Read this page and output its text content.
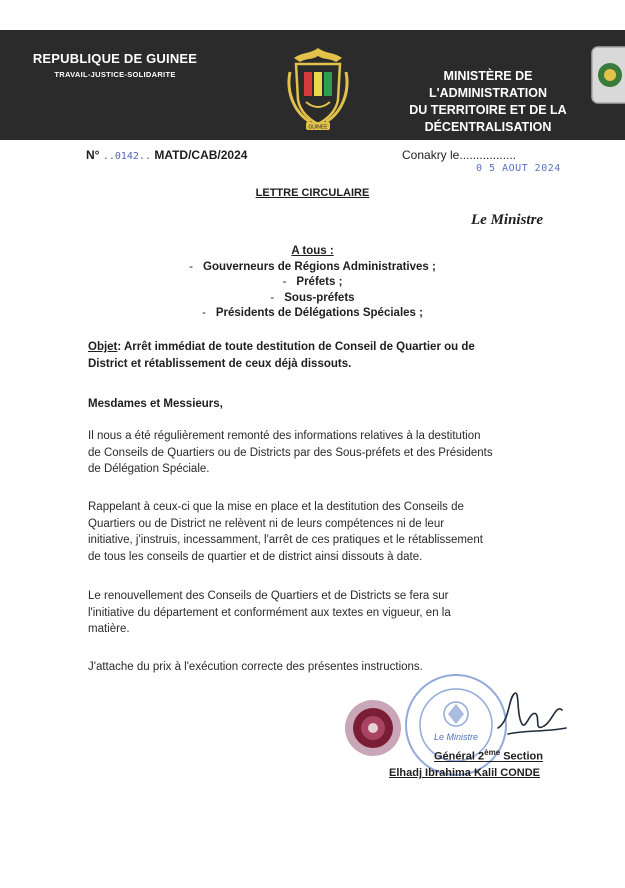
REPUBLIQUE DE GUINEE
TRAVAIL-JUSTICE-SOLIDARITE
GUINEE
MINISTÈRE DE L'ADMINISTRATION
DU TERRITOIRE ET DE LA
DÉCENTRALISATION
N° ..0142.. MATD/CAB/2024	Conakry le.................
0 5 AOUT 2024
LETTRE CIRCULAIRE
Le Ministre
A tous :
- Gouverneurs de Régions Administratives ;
- Préfets ;
- Sous-préfets
- Présidents de Délégations Spéciales ;
Objet: Arrêt immédiat de toute destitution de Conseil de Quartier ou de
District et rétablissement de ceux déjà dissouts.
Mesdames et Messieurs,
Il nous a été régulièrement remonté des informations relatives à la destitution
de Conseils de Quartiers ou de Districts par des Sous-préfets et des Présidents
de Délégation Spéciale.
Rappelant à ceux-ci que la mise en place et la destitution des Conseils de
Quartiers ou de District ne relèvent ni de leurs compétences ni de leur
initiative, j'instruis, incessamment, l'arrêt de ces pratiques et le rétablissement
de tous les conseils de quartier et de district ainsi dissouts à date.
Le renouvellement des Conseils de Quartiers et de Districts se fera sur
l'initiative du département et conformément aux textes en vigueur, en la
matière.
J'attache du prix à l'exécution correcte des présentes instructions.
Le Ministre
Général 2ème Section
Elhadj Ibrahima Kalil CONDE
